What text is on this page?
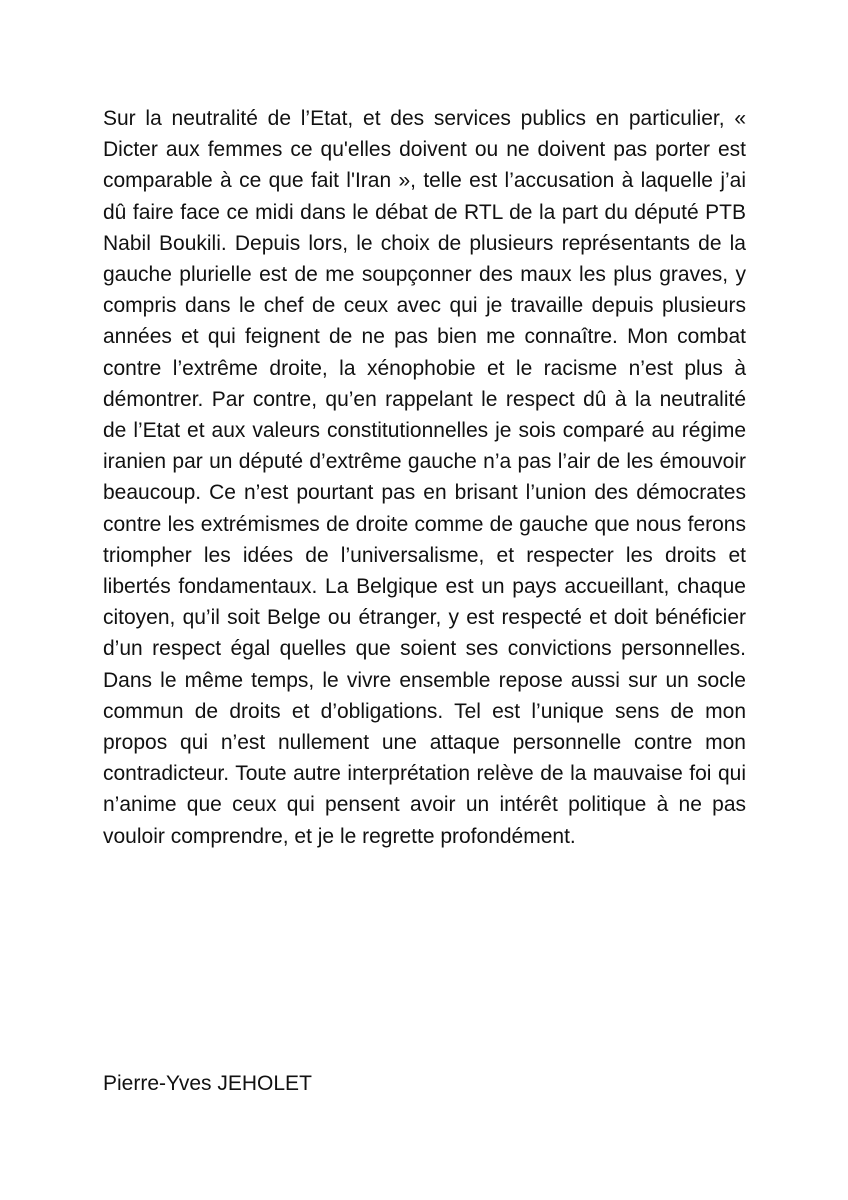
Sur la neutralité de l’Etat, et des services publics en particulier, « Dicter aux femmes ce qu'elles doivent ou ne doivent pas porter est comparable à ce que fait l'Iran », telle est l’accusation à laquelle j’ai dû faire face ce midi dans le débat de RTL de la part du député PTB Nabil Boukili. Depuis lors, le choix de plusieurs représentants de la gauche plurielle est de me soupçonner des maux les plus graves, y compris dans le chef de ceux avec qui je travaille depuis plusieurs années et qui feignent de ne pas bien me connaître. Mon combat contre l’extrême droite, la xénophobie et le racisme n’est plus à démontrer. Par contre, qu’en rappelant le respect dû à la neutralité de l’Etat et aux valeurs constitutionnelles je sois comparé au régime iranien par un député d’extrême gauche n’a pas l’air de les émouvoir beaucoup. Ce n’est pourtant pas en brisant l’union des démocrates contre les extrémismes de droite comme de gauche que nous ferons triompher les idées de l’universalisme, et respecter les droits et libertés fondamentaux. La Belgique est un pays accueillant, chaque citoyen, qu’il soit Belge ou étranger, y est respecté et doit bénéficier d’un respect égal quelles que soient ses convictions personnelles. Dans le même temps, le vivre ensemble repose aussi sur un socle commun de droits et d’obligations. Tel est l’unique sens de mon propos qui n’est nullement une attaque personnelle contre mon contradicteur. Toute autre interprétation relève de la mauvaise foi qui n’anime que ceux qui pensent avoir un intérêt politique à ne pas vouloir comprendre, et je le regrette profondément.

Pierre-Yves JEHOLET
